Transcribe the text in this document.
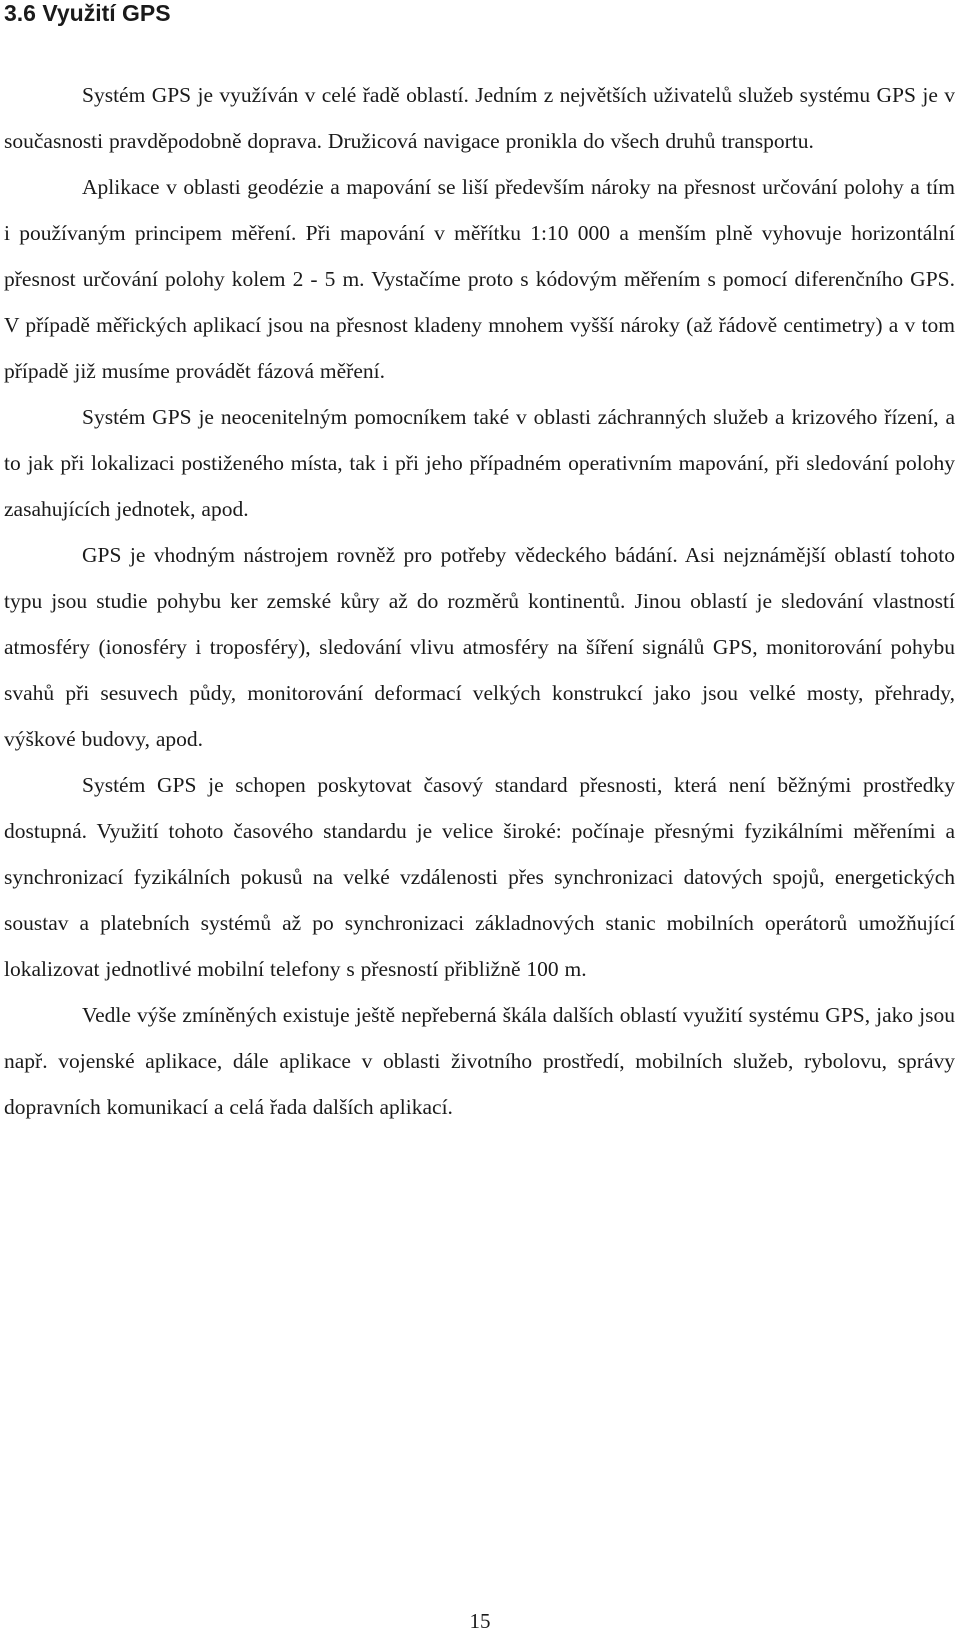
3.6 Využití GPS

Systém GPS je využíván v celé řadě oblastí. Jedním z největších uživatelů služeb systému GPS je v současnosti pravděpodobně doprava. Družicová navigace pronikla do všech druhů transportu.

Aplikace v oblasti geodézie a mapování se liší především nároky na přesnost určování polohy a tím i používaným principem měření. Při mapování v měřítku 1:10 000 a menším plně vyhovuje horizontální přesnost určování polohy kolem 2 - 5 m. Vystačíme proto s kódovým měřením s pomocí diferenčního GPS. V případě měřických aplikací jsou na přesnost kladeny mnohem vyšší nároky (až řádově centimetry) a v tom případě již musíme provádět fázová měření.

Systém GPS je neocenitelným pomocníkem také v oblasti záchranných služeb a krizového řízení, a to jak při lokalizaci postiženého místa, tak i při jeho případném operativním mapování, při sledování polohy zasahujících jednotek, apod.

GPS je vhodným nástrojem rovněž pro potřeby vědeckého bádání. Asi nejznámější oblastí tohoto typu jsou studie pohybu ker zemské kůry až do rozměrů kontinentů. Jinou oblastí je sledování vlastností atmosféry (ionosféry i troposféry), sledování vlivu atmosféry na šíření signálů GPS, monitorování pohybu svahů při sesuvech půdy, monitorování deformací velkých konstrukcí jako jsou velké mosty, přehrady, výškové budovy, apod.

Systém GPS je schopen poskytovat časový standard přesnosti, která není běžnými prostředky dostupná. Využití tohoto časového standardu je velice široké: počínaje přesnými fyzikálními měřeními a synchronizací fyzikálních pokusů na velké vzdálenosti přes synchronizaci datových spojů, energetických soustav a platebních systémů až po synchronizaci základnových stanic mobilních operátorů umožňující lokalizovat jednotlivé mobilní telefony s přesností přibližně 100 m.

Vedle výše zmíněných existuje ještě nepřeberná škála dalších oblastí využití systému GPS, jako jsou např. vojenské aplikace, dále aplikace v oblasti životního prostředí, mobilních služeb, rybolovu, správy dopravních komunikací a celá řada dalších aplikací.

15
